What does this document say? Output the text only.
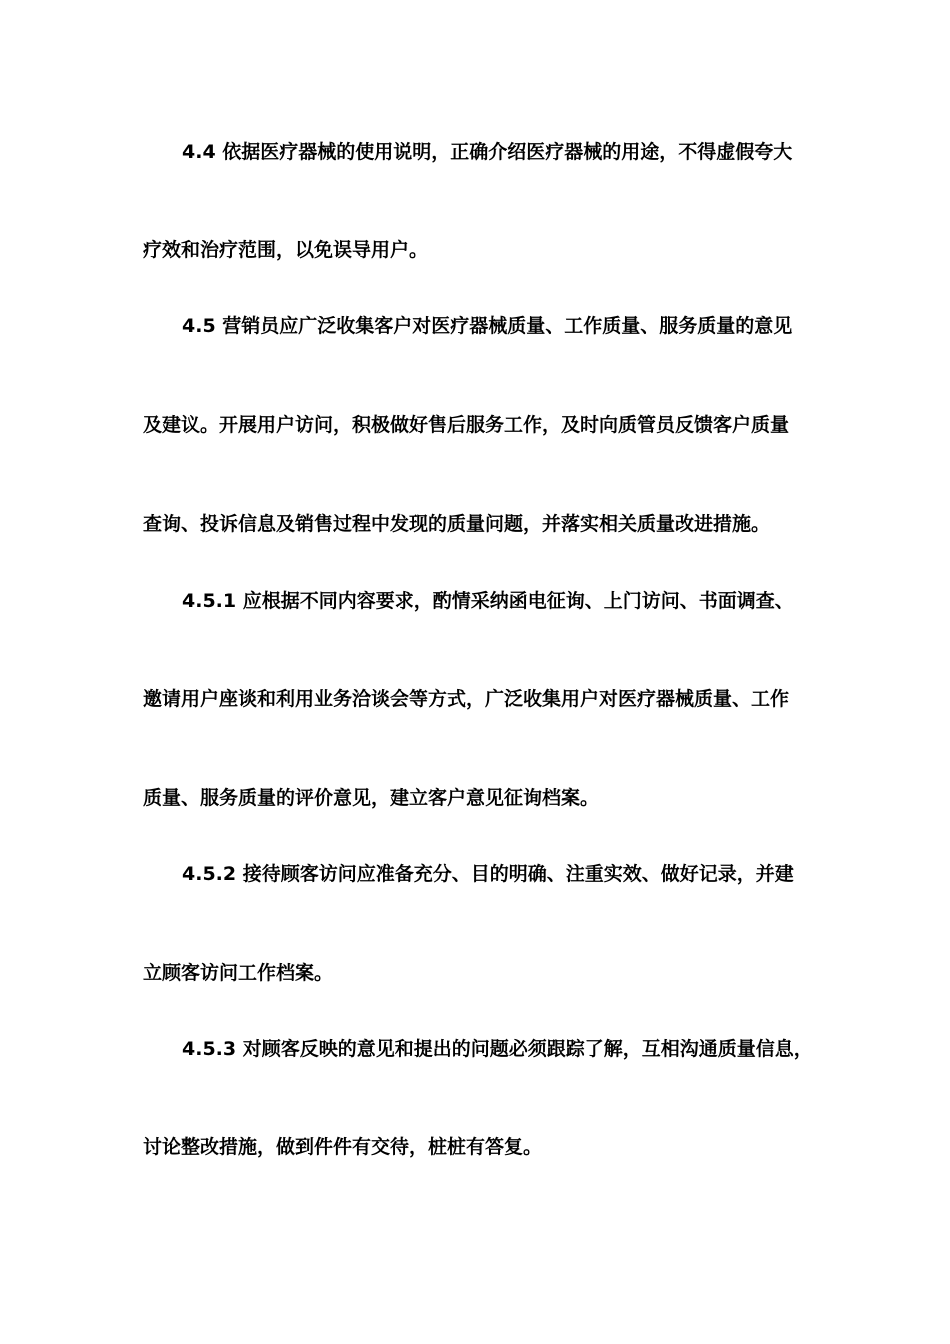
4.4 依据医疗器械的使用说明，正确介绍医疗器械的用途，不得虚假夸大
疗效和治疗范围，以免误导用户。
4.5 营销员应广泛收集客户对医疗器械质量、工作质量、服务质量的意见
及建议。开展用户访问，积极做好售后服务工作，及时向质管员反馈客户质量
查询、投诉信息及销售过程中发现的质量问题，并落实相关质量改进措施。
4.5.1 应根据不同内容要求，酌情采纳函电征询、上门访问、书面调查、
邀请用户座谈和利用业务洽谈会等方式，广泛收集用户对医疗器械质量、工作
质量、服务质量的评价意见，建立客户意见征询档案。
4.5.2 接待顾客访问应准备充分、目的明确、注重实效、做好记录，并建
立顾客访问工作档案。
4.5.3 对顾客反映的意见和提出的问题必须跟踪了解，互相沟通质量信息，
讨论整改措施，做到件件有交待，桩桩有答复。
